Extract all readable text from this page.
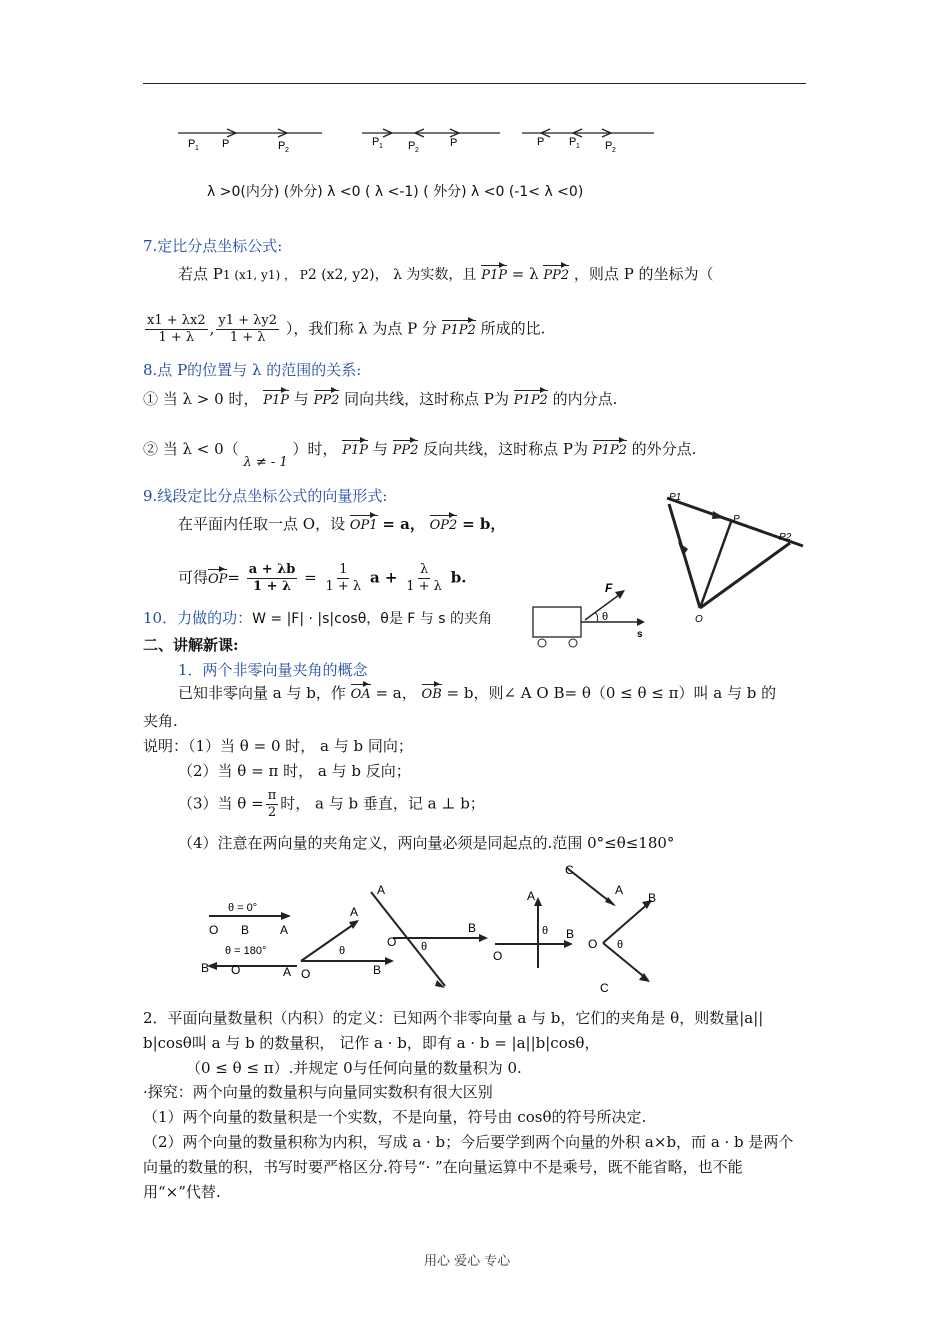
P 1 P	P 2
P 1 P 2
P	P P 1 P 2
λ >0(内分) (外分) λ <0 ( λ <-1) ( 外分) λ <0 (-1< λ <0)
7.定比分点坐标公式:
若点 P1 (x1, y1) ， P2 (x2, y2)， λ 为实数，且 P1P = λ PP2 ，则点 P 的坐标为（
$\frac{x1 + \lambda x2}{1 + \lambda}$ , $\frac{y1 + \lambda y2}{1 + \lambda}$ ），我们称 λ 为点 P 分 P1P2 所成的比.
8.点 P的位置与 λ 的范围的关系:
① 当 λ > 0 时， P1P 与 PP2 同向共线，这时称点 P为 P1P2 的内分点.
② 当 λ < 0（ λ ≠ - 1 ）时， P1P 与 PP2 反向共线，这时称点 P为 P1P2 的外分点.
9.线段定比分点坐标公式的向量形式:
在平面内任取一点 O，设 OP1 = a， OP2 = b，
可得$OP= \frac{a + \lambda b}{1 + \lambda} = \frac{1}{1 + \lambda}$ $a + \frac{\lambda}{1 + \lambda} b$.
P1
P
P2
O
10．力做的功：W = |F| · |s|cosθ，θ是 F 与 s 的夹角
F
θ
s
二、讲解新课:
1．两个非零向量夹角的概念
已知非零向量 a 与 b，作 OA = a， OB = b，则∠ A O B= θ（0 ≤ θ ≤ π）叫 a 与 b 的
夹角.
说明：（1）当 θ = 0 时， a 与 b 同向；
（2）当 θ = π 时， a 与 b 反向；
（3）当 $\theta = \frac{\pi}{2}$ 时， a 与 b 垂直，记 a ⊥ b；
（4）注意在两向量的夹角定义，两向量必须是同起点的.范围 0°≤θ≤180°
θ = 0°
O B	A
θ = 180°
B O	A
A
O	B
θ
A
O
B
θ
A
O
B
θ
C
A
B
O θ
C
2．平面向量数量积（内积）的定义：已知两个非零向量 a 与 b，它们的夹角是 θ，则数量|a||
b|cosθ叫 a 与 b 的数量积， 记作 a · b，即有 a · b = |a||b|cosθ，
（0 ≤ θ ≤ π）.并规定 0与任何向量的数量积为 0.
·探究：两个向量的数量积与向量同实数积有很大区别
（1）两个向量的数量积是一个实数，不是向量，符号由 cosθ的符号所决定.
（2）两个向量的数量积称为内积，写成 a · b；今后要学到两个向量的外积 a×b，而 a · b 是两个
向量的数量的积，书写时要严格区分.符号“· ”在向量运算中不是乘号，既不能省略，也不能
用“×”代替.
用心 爱心 专心
